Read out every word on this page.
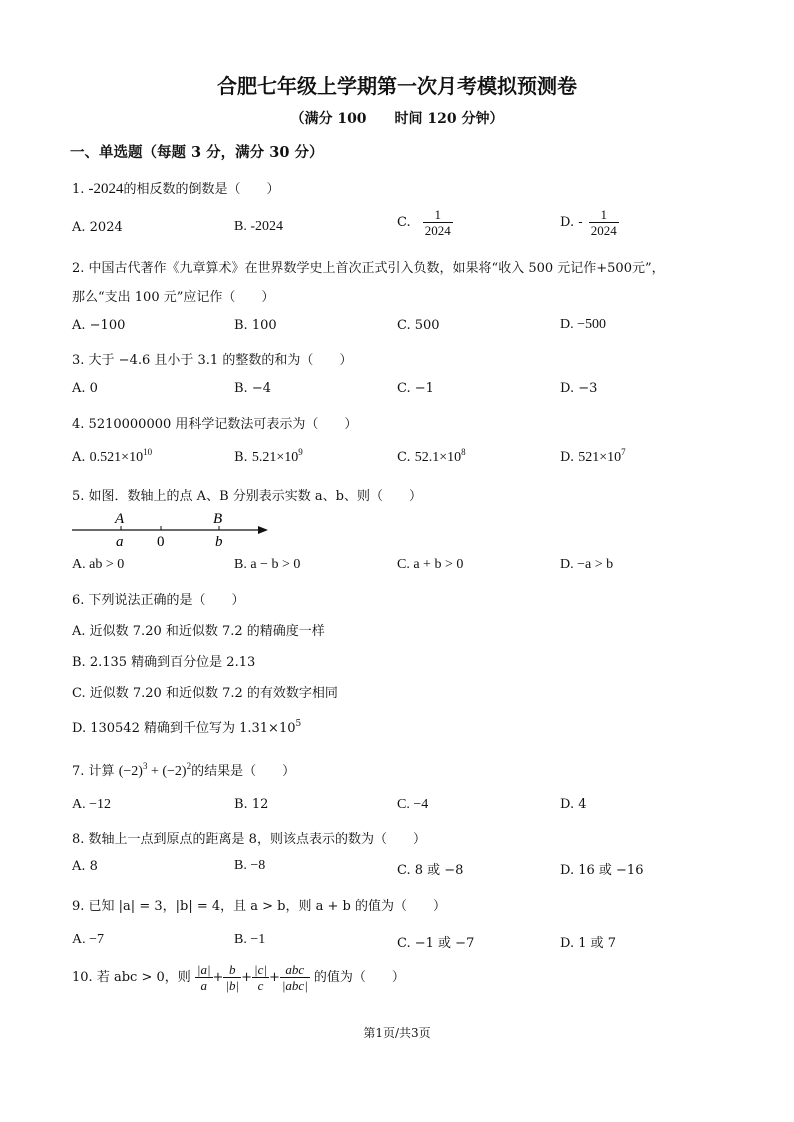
合肥七年级上学期第一次月考模拟预测卷
（满分 100　　时间 120 分钟）
一、单选题（每题 3 分，满分 30 分）
1. -2024的相反数的倒数是（　　）
A. 2024	B. -2024	C. $\frac{1}{2024}$	D. - $\frac{1}{2024}$
2. 中国古代著作《九章算术》在世界数学史上首次正式引入负数，如果将“收入 500 元记作+500元”，
那么“支出 100 元”应记作（　　）
A. −100	B. 100	C. 500	D. −500
3. 大于 −4.6 且小于 3.1 的整数的和为（　　）
A. 0	B. −4	C. −1	D. −3
4. 5210000000 用科学记数法可表示为（　　）
A. $0.521\times 10^{10}$	B. $5.21\times 10^9$	C. $52.1\times 10^8$	D. $521\times 10^7$
5. 如图．数轴上的点 A、B 分别表示实数 a、b、则（　　）
A	B
a 0	b
A. ab > 0	B. a − b > 0	C. a + b > 0	D. −a > b
6. 下列说法正确的是（　　）
A. 近似数 7.20 和近似数 7.2 的精确度一样
B. 2.135 精确到百分位是 2.13
C. 近似数 7.20 和近似数 7.2 的有效数字相同
D. 130542 精确到千位写为 $1.31\times 10^5$
7. 计算 $(-2)^3 + (-2)^2$的结果是（　　）
A. −12	B. 12	C. −4	D. 4
8. 数轴上一点到原点的距离是 8，则该点表示的数为（　　）
A. 8	B. −8	C. 8 或 −8	D. 16 或 −16
9. 已知 |a| = 3，|b| = 4，且 a > b，则 a + b 的值为（　　）
A. −7	B. −1	C. −1 或 −7	D. 1 或 7
10. 若 abc > 0，则 $\frac{|a|}{a} + \frac{b}{|b|} + \frac{|c|}{c} + \frac{\text{abc}}{\text{|abc|}}$ 的值为（　　）
第1页/共3页
